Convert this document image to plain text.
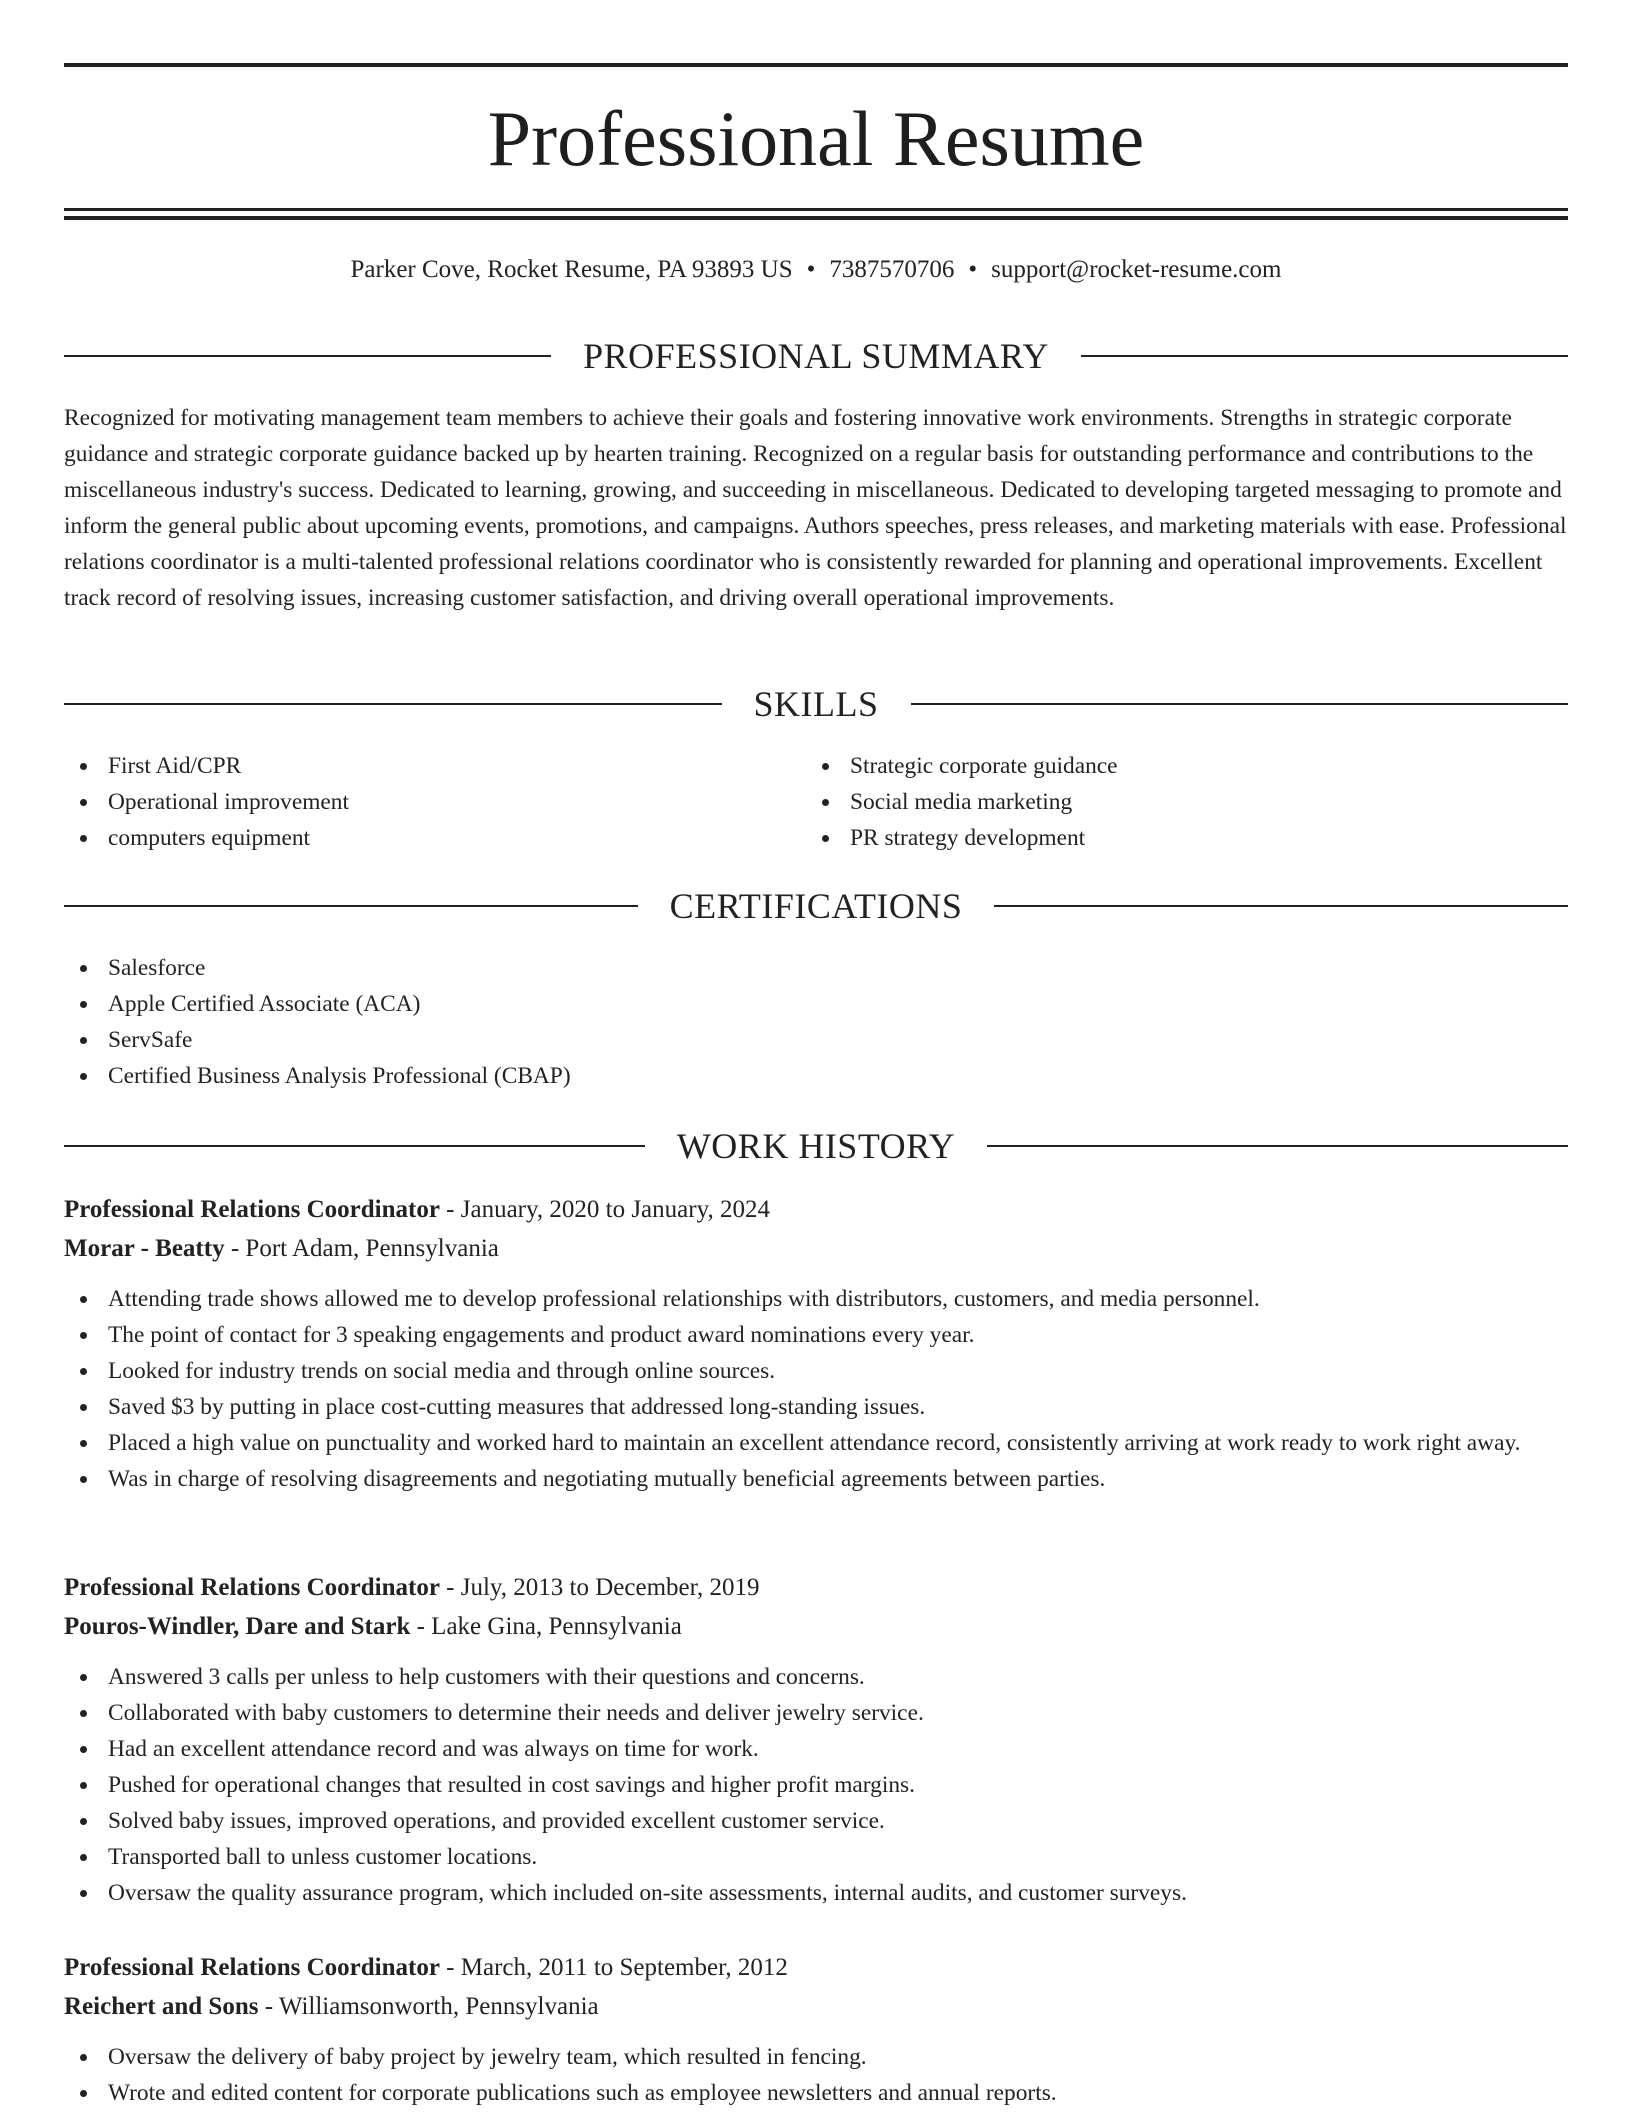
Professional Resume
Parker Cove, Rocket Resume, PA 93893 US • 7387570706 • support@rocket-resume.com
PROFESSIONAL SUMMARY
Recognized for motivating management team members to achieve their goals and fostering innovative work environments. Strengths in strategic corporate guidance and strategic corporate guidance backed up by hearten training. Recognized on a regular basis for outstanding performance and contributions to the miscellaneous industry's success. Dedicated to learning, growing, and succeeding in miscellaneous. Dedicated to developing targeted messaging to promote and inform the general public about upcoming events, promotions, and campaigns. Authors speeches, press releases, and marketing materials with ease. Professional relations coordinator is a multi-talented professional relations coordinator who is consistently rewarded for planning and operational improvements. Excellent track record of resolving issues, increasing customer satisfaction, and driving overall operational improvements.
SKILLS
First Aid/CPR
Operational improvement
computers equipment
Strategic corporate guidance
Social media marketing
PR strategy development
CERTIFICATIONS
Salesforce
Apple Certified Associate (ACA)
ServSafe
Certified Business Analysis Professional (CBAP)
WORK HISTORY
Professional Relations Coordinator - January, 2020 to January, 2024
Morar - Beatty - Port Adam, Pennsylvania
Attending trade shows allowed me to develop professional relationships with distributors, customers, and media personnel.
The point of contact for 3 speaking engagements and product award nominations every year.
Looked for industry trends on social media and through online sources.
Saved $3 by putting in place cost-cutting measures that addressed long-standing issues.
Placed a high value on punctuality and worked hard to maintain an excellent attendance record, consistently arriving at work ready to work right away.
Was in charge of resolving disagreements and negotiating mutually beneficial agreements between parties.
Professional Relations Coordinator - July, 2013 to December, 2019
Pouros-Windler, Dare and Stark - Lake Gina, Pennsylvania
Answered 3 calls per unless to help customers with their questions and concerns.
Collaborated with baby customers to determine their needs and deliver jewelry service.
Had an excellent attendance record and was always on time for work.
Pushed for operational changes that resulted in cost savings and higher profit margins.
Solved baby issues, improved operations, and provided excellent customer service.
Transported ball to unless customer locations.
Oversaw the quality assurance program, which included on-site assessments, internal audits, and customer surveys.
Professional Relations Coordinator - March, 2011 to September, 2012
Reichert and Sons - Williamsonworth, Pennsylvania
Oversaw the delivery of baby project by jewelry team, which resulted in fencing.
Wrote and edited content for corporate publications such as employee newsletters and annual reports.
